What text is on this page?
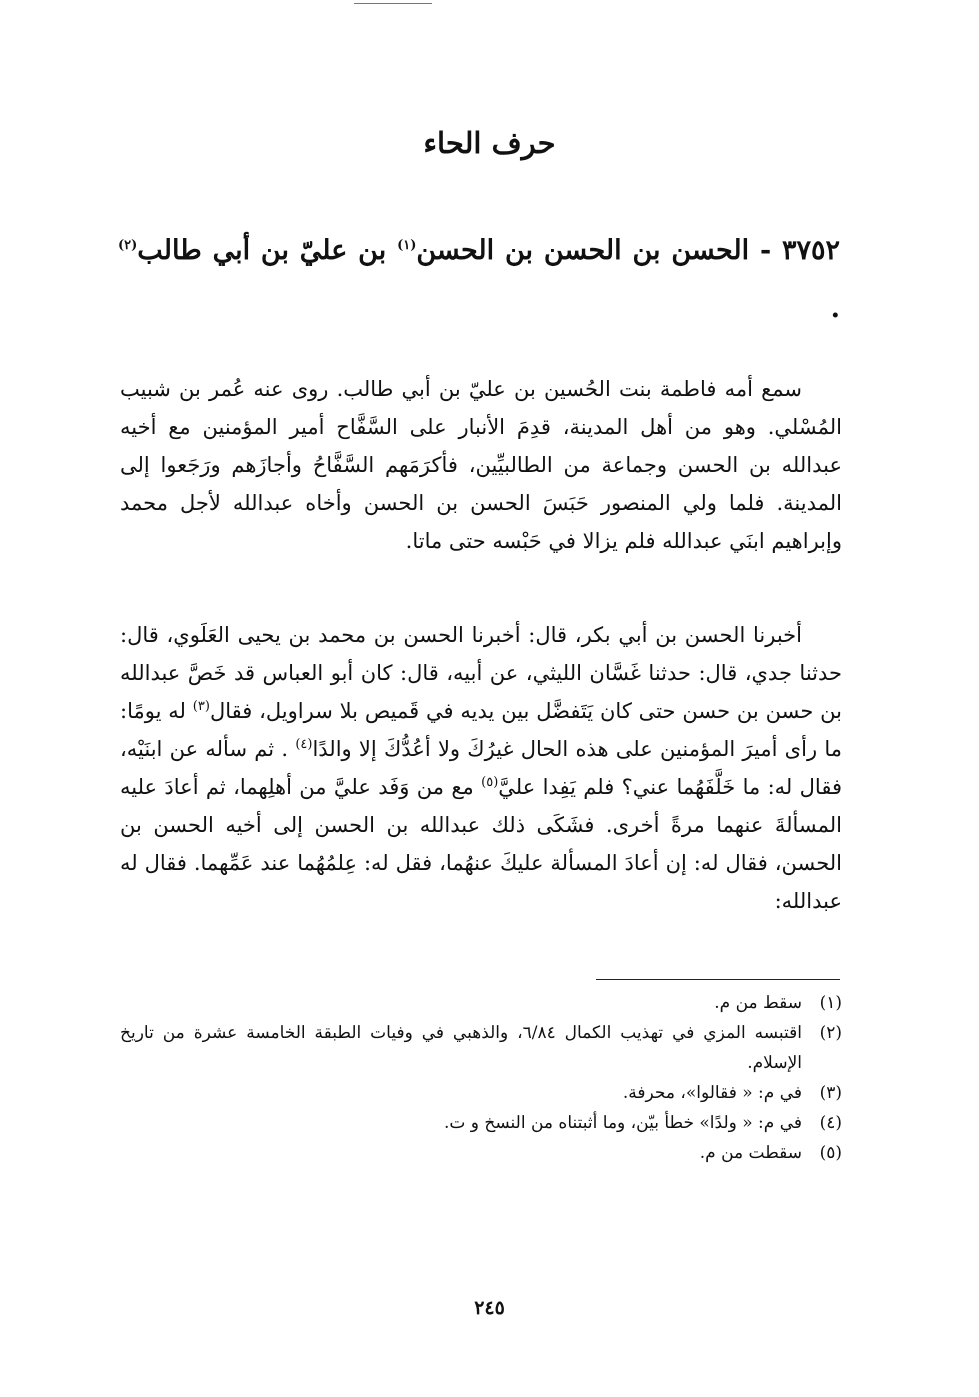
حرف الحاء
٣٧٥٢ - الحسن بن الحسن بن الحسن$^{(١)}$ بن عليّ بن أبي طالب$^{(٢)}$ .
سمع أمه فاطمة بنت الحُسين بن عليّ بن أبي طالب. روى عنه عُمر بن شبيب المُسْلي. وهو من أهل المدينة، قدِمَ الأنبار على السَّفَّاح أمير المؤمنين مع أخيه عبدالله بن الحسن وجماعة من الطالبيِّين، فأكرَمَهم السَّفَّاحُ وأجازَهم ورَجَعوا إلى المدينة. فلما ولي المنصور حَبَسَ الحسن بن الحسن وأخاه عبدالله لأجل محمد وإبراهيم ابنَي عبدالله فلم يزالا في حَبْسه حتى ماتا.
أخبرنا الحسن بن أبي بكر، قال: أخبرنا الحسن بن محمد بن يحيى العَلَوي، قال: حدثنا جدي، قال: حدثنا غَسَّان الليثي، عن أبيه، قال: كان أبو العباس قد خَصَّ عبدالله بن حسن بن حسن حتى كان يَتَفضَّل بين يديه في قَميص بلا سراويل، فقال$^{(٣)}$ له يومًا: ما رأى أميرَ المؤمنين على هذه الحال غيرُكَ ولا أعُدُّكَ إلا والدًا$^{(٤)}$ . ثم سأله عن ابنَيْه، فقال له: ما خَلَّفَهُما عني؟ فلم يَفِدا عليَّ$^{(٥)}$ مع من وَفَد عليَّ من أهلِهما، ثم أعادَ عليه المسألةَ عنهما مرةً أخرى. فشَكَى ذلك عبدالله بن الحسن إلى أخيه الحسن بن الحسن، فقال له: إن أعادَ المسألة عليكَ عنهُما، فقل له: عِلمُهُما عند عَمِّهما. فقال له عبدالله:
(١)
سقط من م.
(٢)
اقتبسه المزي في تهذيب الكمال ٦/٨٤، والذهبي في وفيات الطبقة الخامسة عشرة من تاريخ الإسلام.
(٣)
في م: « فقالوا»، محرفة.
(٤)
في م: « ولدًا» خطأ بيّن، وما أثبتناه من النسخ و ت.
(٥)
سقطت من م.
٢٤٥
